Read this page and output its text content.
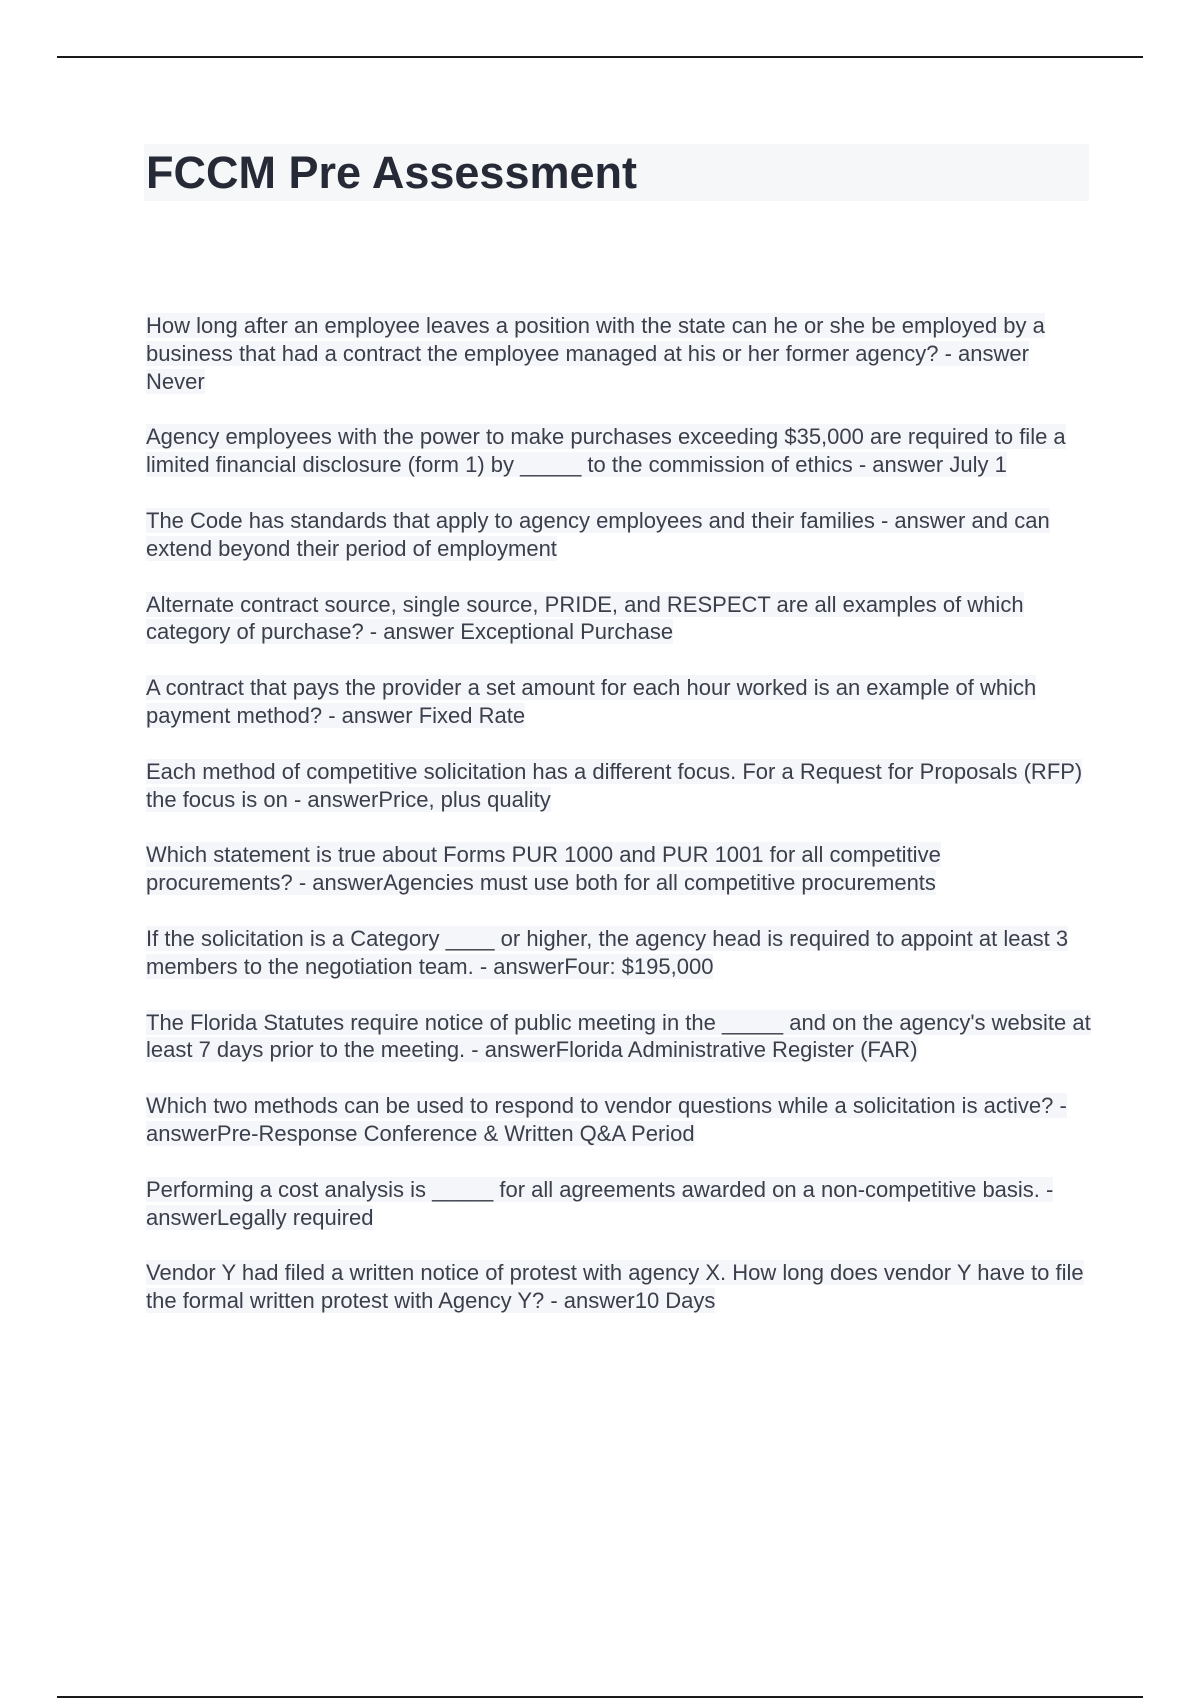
FCCM Pre Assessment
How long after an employee leaves a position with the state can he or she be employed by a business that had a contract the employee managed at his or her former agency? - answer Never
Agency employees with the power to make purchases exceeding $35,000 are required to file a limited financial disclosure (form 1) by _____ to the commission of ethics - answer July 1
The Code has standards that apply to agency employees and their families - answer and can extend beyond their period of employment
Alternate contract source, single source, PRIDE, and RESPECT are all examples of which category of purchase? - answer Exceptional Purchase
A contract that pays the provider a set amount for each hour worked is an example of which payment method? - answer Fixed Rate
Each method of competitive solicitation has a different focus. For a Request for Proposals (RFP) the focus is on - answerPrice, plus quality
Which statement is true about Forms PUR 1000 and PUR 1001 for all competitive procurements? - answerAgencies must use both for all competitive procurements
If the solicitation is a Category ____ or higher, the agency head is required to appoint at least 3 members to the negotiation team. - answerFour: $195,000
The Florida Statutes require notice of public meeting in the _____ and on the agency's website at least 7 days prior to the meeting. - answerFlorida Administrative Register (FAR)
Which two methods can be used to respond to vendor questions while a solicitation is active? - answerPre-Response Conference & Written Q&A Period
Performing a cost analysis is _____ for all agreements awarded on a non-competitive basis. - answerLegally required
Vendor Y had filed a written notice of protest with agency X. How long does vendor Y have to file the formal written protest with Agency Y? - answer10 Days
